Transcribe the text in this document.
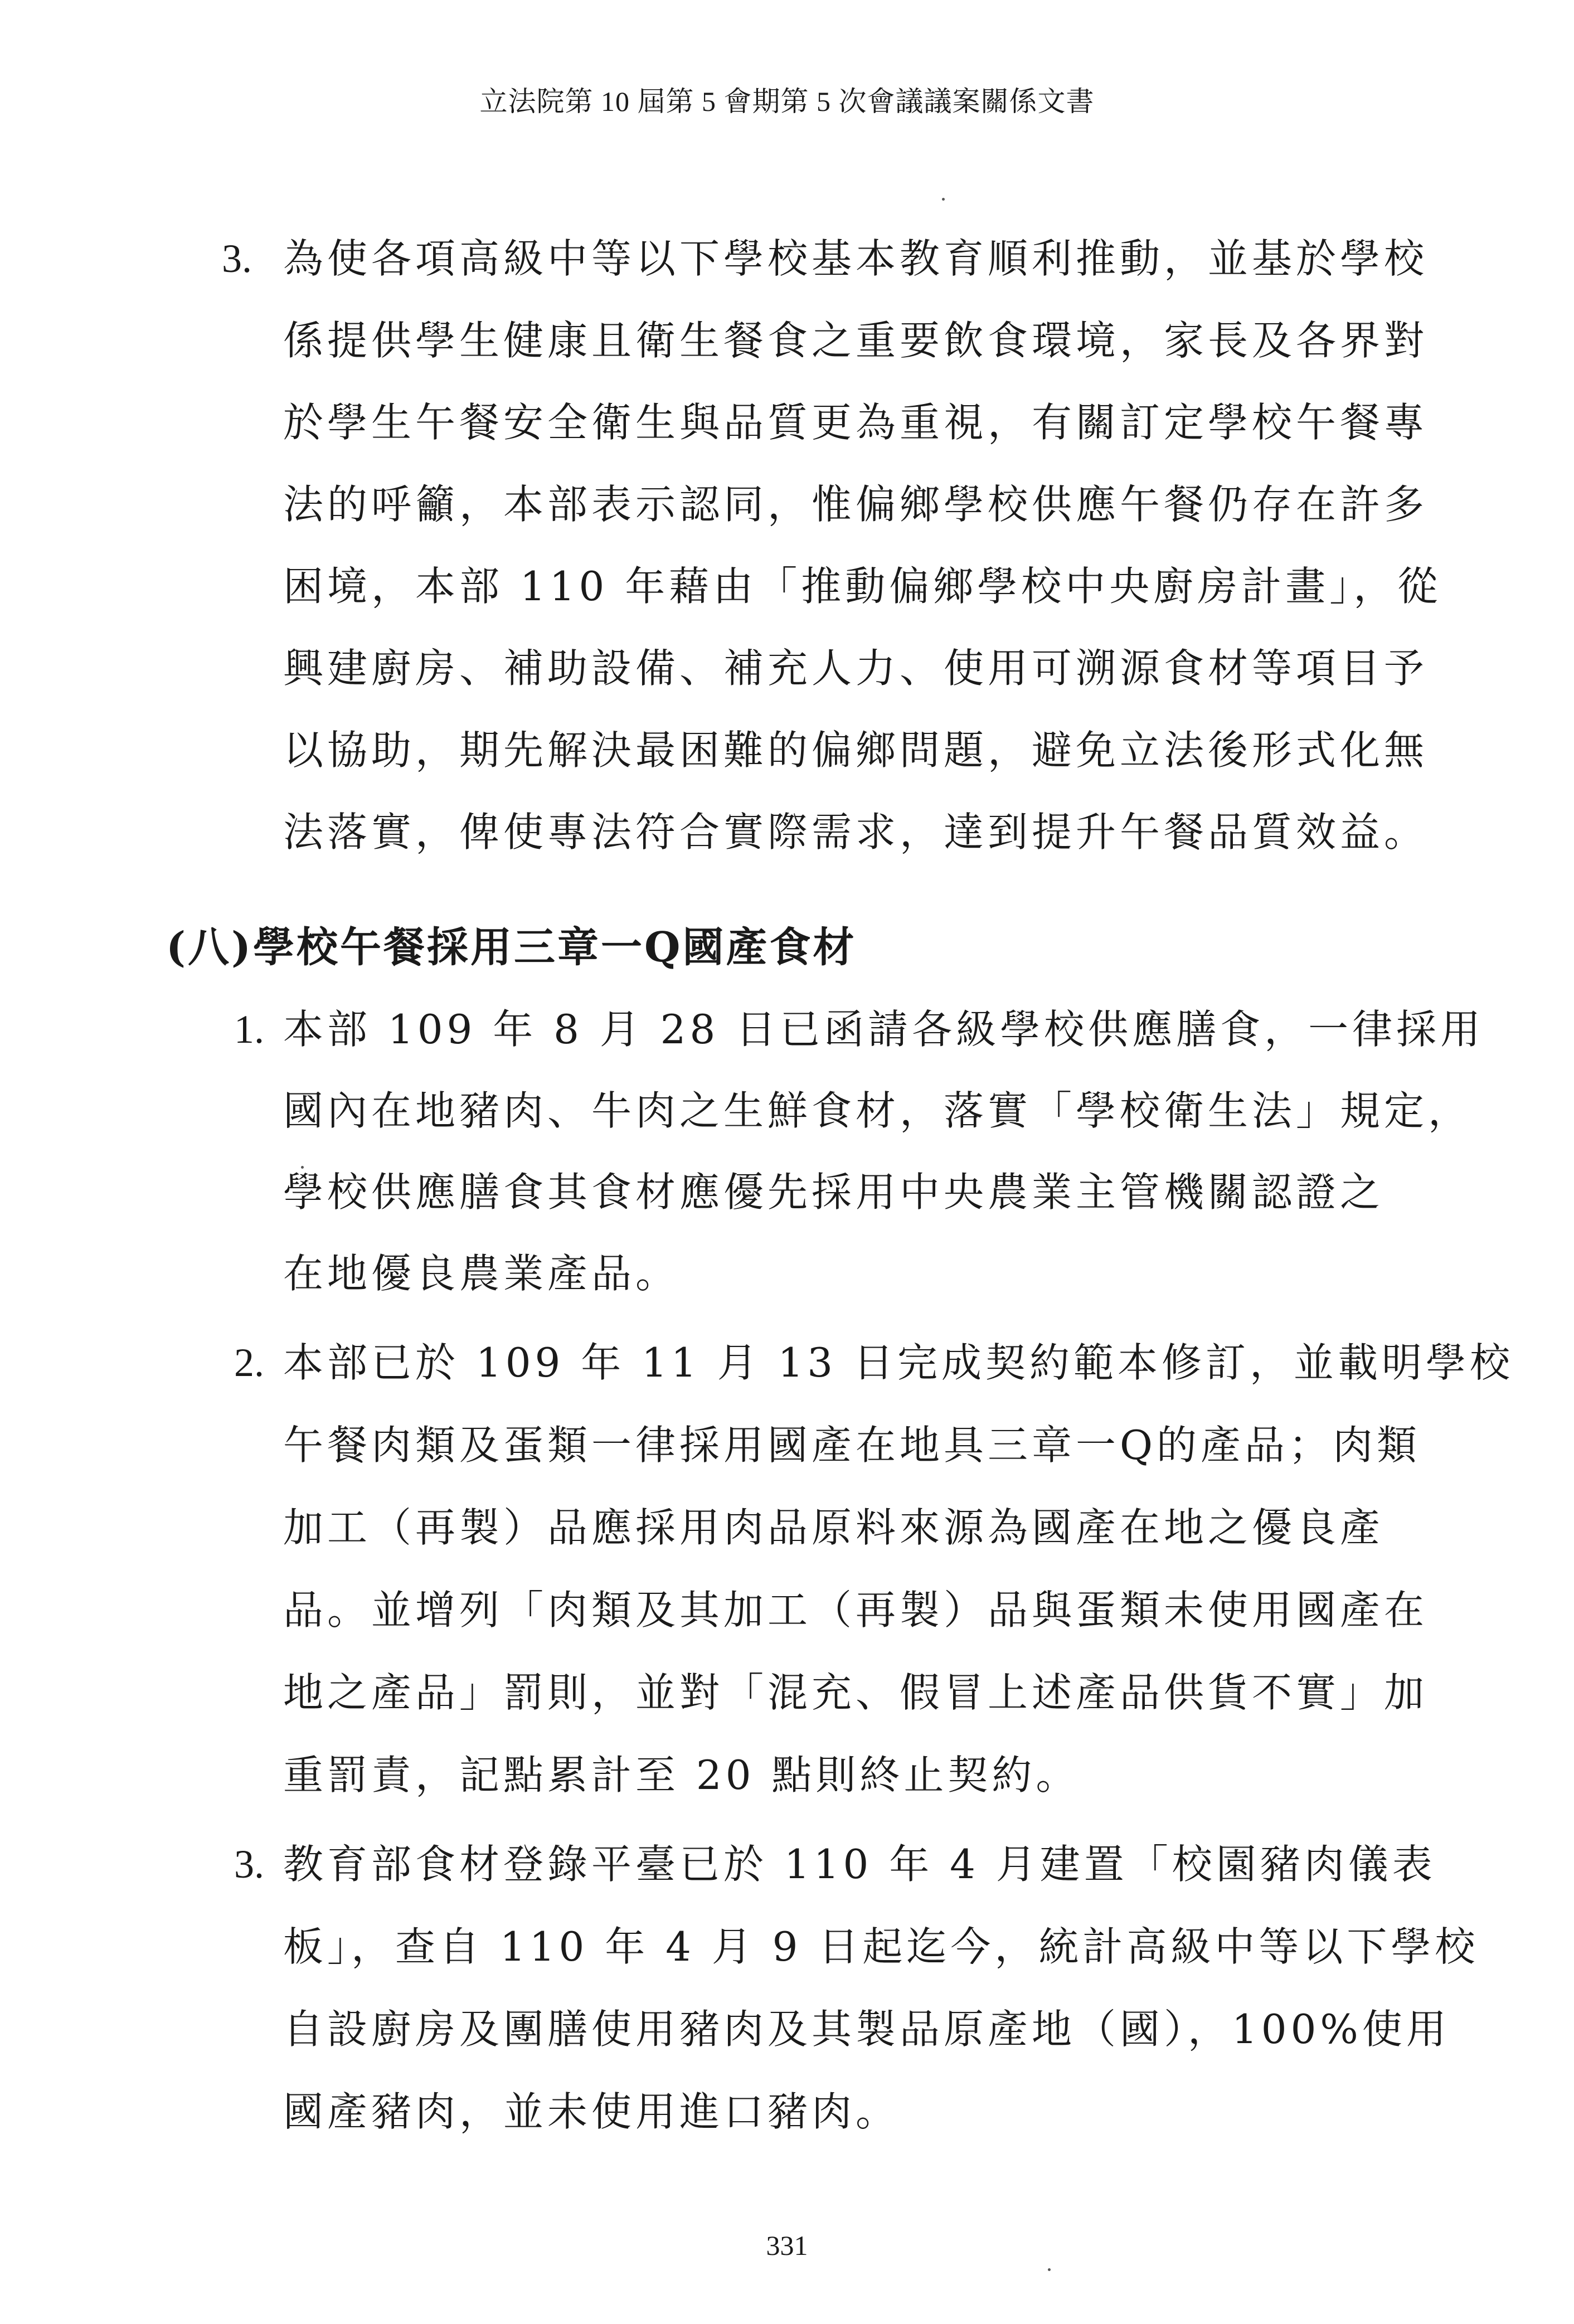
立法院第 10 屆第 5 會期第 5 次會議議案關係文書
3. 為使各項高級中等以下學校基本教育順利推動，並基於學校
係提供學生健康且衛生餐食之重要飲食環境，家長及各界對
於學生午餐安全衛生與品質更為重視，有關訂定學校午餐專
法的呼籲，本部表示認同，惟偏鄉學校供應午餐仍存在許多
困境，本部 110 年藉由「推動偏鄉學校中央廚房計畫」，從
興建廚房、補助設備、補充人力、使用可溯源食材等項目予
以協助，期先解決最困難的偏鄉問題，避免立法後形式化無
法落實，俾使專法符合實際需求，達到提升午餐品質效益。
(八)學校午餐採用三章一Q國產食材
1. 本部 109 年 8 月 28 日已函請各級學校供應膳食，一律採用
國內在地豬肉、牛肉之生鮮食材，落實「學校衛生法」規定，
學校供應膳食其食材應優先採用中央農業主管機關認證之
在地優良農業產品。
2. 本部已於 109 年 11 月 13 日完成契約範本修訂，並載明學校
午餐肉類及蛋類一律採用國產在地具三章一Q的產品；肉類
加工（再製）品應採用肉品原料來源為國產在地之優良產
品。並增列「肉類及其加工（再製）品與蛋類未使用國產在
地之產品」罰則，並對「混充、假冒上述產品供貨不實」加
重罰責，記點累計至 20 點則終止契約。
3. 教育部食材登錄平臺已於 110 年 4 月建置「校園豬肉儀表
板」，查自 110 年 4 月 9 日起迄今，統計高級中等以下學校
自設廚房及團膳使用豬肉及其製品原產地（國），100%使用
國產豬肉，並未使用進口豬肉。
331
